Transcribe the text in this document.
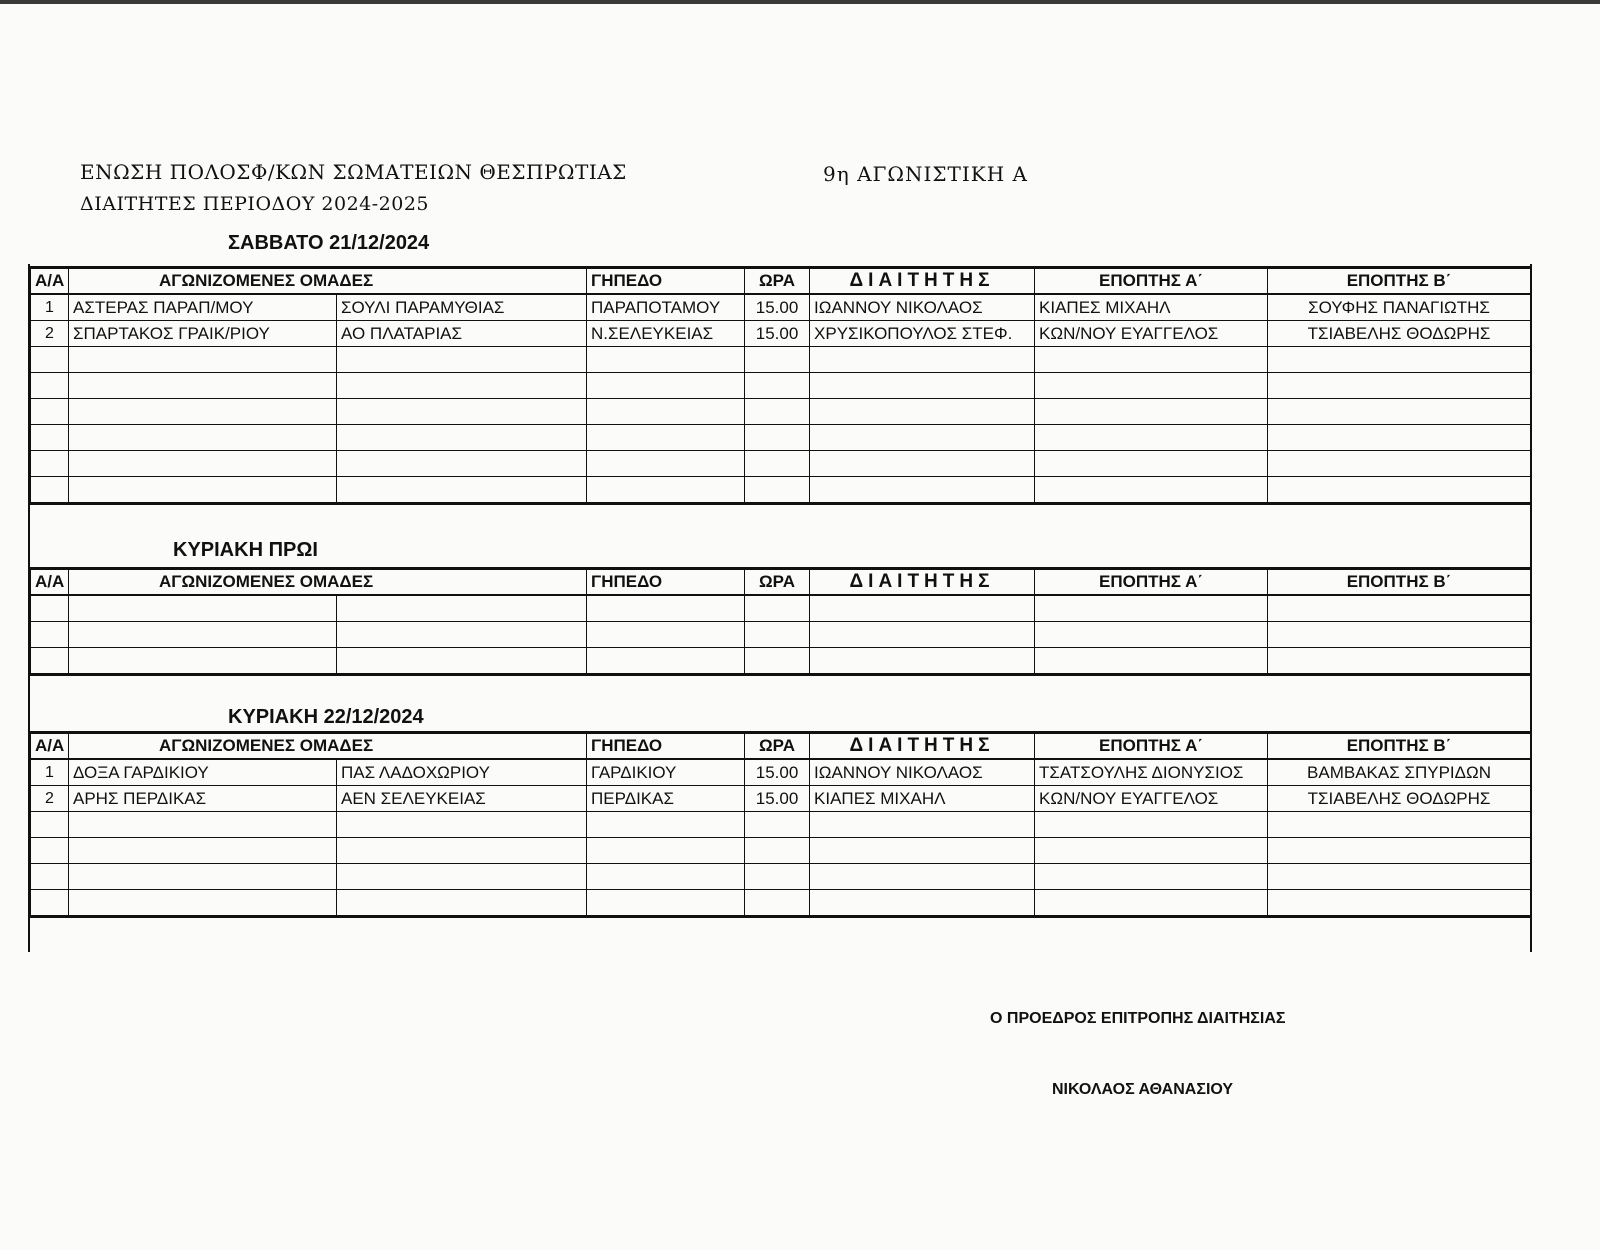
ΕΝΩΣΗ ΠΟΛΟΣΦ/ΚΩΝ ΣΩΜΑΤΕΙΩΝ ΘΕΣΠΡΩΤΙΑΣ
ΔΙΑΙΤΗΤΕΣ ΠΕΡΙΟΔΟΥ 2024-2025
9η ΑΓΩΝΙΣΤΙΚΗ Α
ΣΑΒΒΑΤΟ 21/12/2024
ΚΥΡΙΑΚΗ ΠΡΩΙ
ΚΥΡΙΑΚΗ 22/12/2024
Α/Α	ΑΓΩΝΙΖΟΜΕΝΕΣ ΟΜΑΔΕΣ		ΓΗΠΕΔΟ	ΩΡΑ	ΔΙΑΙΤΗΤΗΣ	ΕΠΟΠΤΗΣ Α΄	ΕΠΟΠΤΗΣ Β΄
1	ΑΣΤΕΡΑΣ ΠΑΡΑΠ/ΜΟΥ	ΣΟΥΛΙ ΠΑΡΑΜΥΘΙΑΣ	ΠΑΡΑΠΟΤΑΜΟΥ	15.00	ΙΩΑΝΝΟΥ ΝΙΚΟΛΑΟΣ	ΚΙΑΠΕΣ ΜΙΧΑΗΛ	ΣΟΥΦΗΣ ΠΑΝΑΓΙΩΤΗΣ
2	ΣΠΑΡΤΑΚΟΣ ΓΡΑΙΚ/ΡΙΟΥ	ΑΟ ΠΛΑΤΑΡΙΑΣ	Ν.ΣΕΛΕΥΚΕΙΑΣ	15.00	ΧΡΥΣΙΚΟΠΟΥΛΟΣ ΣΤΕΦ.	ΚΩΝ/ΝΟΥ ΕΥΑΓΓΕΛΟΣ	ΤΣΙΑΒΕΛΗΣ ΘΟΔΩΡΗΣ

Α/Α	ΑΓΩΝΙΖΟΜΕΝΕΣ ΟΜΑΔΕΣ		ΓΗΠΕΔΟ	ΩΡΑ	ΔΙΑΙΤΗΤΗΣ	ΕΠΟΠΤΗΣ Α΄	ΕΠΟΠΤΗΣ Β΄

Α/Α	ΑΓΩΝΙΖΟΜΕΝΕΣ ΟΜΑΔΕΣ		ΓΗΠΕΔΟ	ΩΡΑ	ΔΙΑΙΤΗΤΗΣ	ΕΠΟΠΤΗΣ Α΄	ΕΠΟΠΤΗΣ Β΄
1	ΔΟΞΑ ΓΑΡΔΙΚΙΟΥ	ΠΑΣ ΛΑΔΟΧΩΡΙΟΥ	ΓΑΡΔΙΚΙΟΥ	15.00	ΙΩΑΝΝΟΥ ΝΙΚΟΛΑΟΣ	ΤΣΑΤΣΟΥΛΗΣ ΔΙΟΝΥΣΙΟΣ	ΒΑΜΒΑΚΑΣ ΣΠΥΡΙΔΩΝ
2	ΑΡΗΣ ΠΕΡΔΙΚΑΣ	ΑΕΝ ΣΕΛΕΥΚΕΙΑΣ	ΠΕΡΔΙΚΑΣ	15.00	ΚΙΑΠΕΣ ΜΙΧΑΗΛ	ΚΩΝ/ΝΟΥ ΕΥΑΓΓΕΛΟΣ	ΤΣΙΑΒΕΛΗΣ ΘΟΔΩΡΗΣ

Ο ΠΡΟΕΔΡΟΣ ΕΠΙΤΡΟΠΗΣ ΔΙΑΙΤΗΣΙΑΣ
ΝΙΚΟΛΑΟΣ ΑΘΑΝΑΣΙΟΥ
